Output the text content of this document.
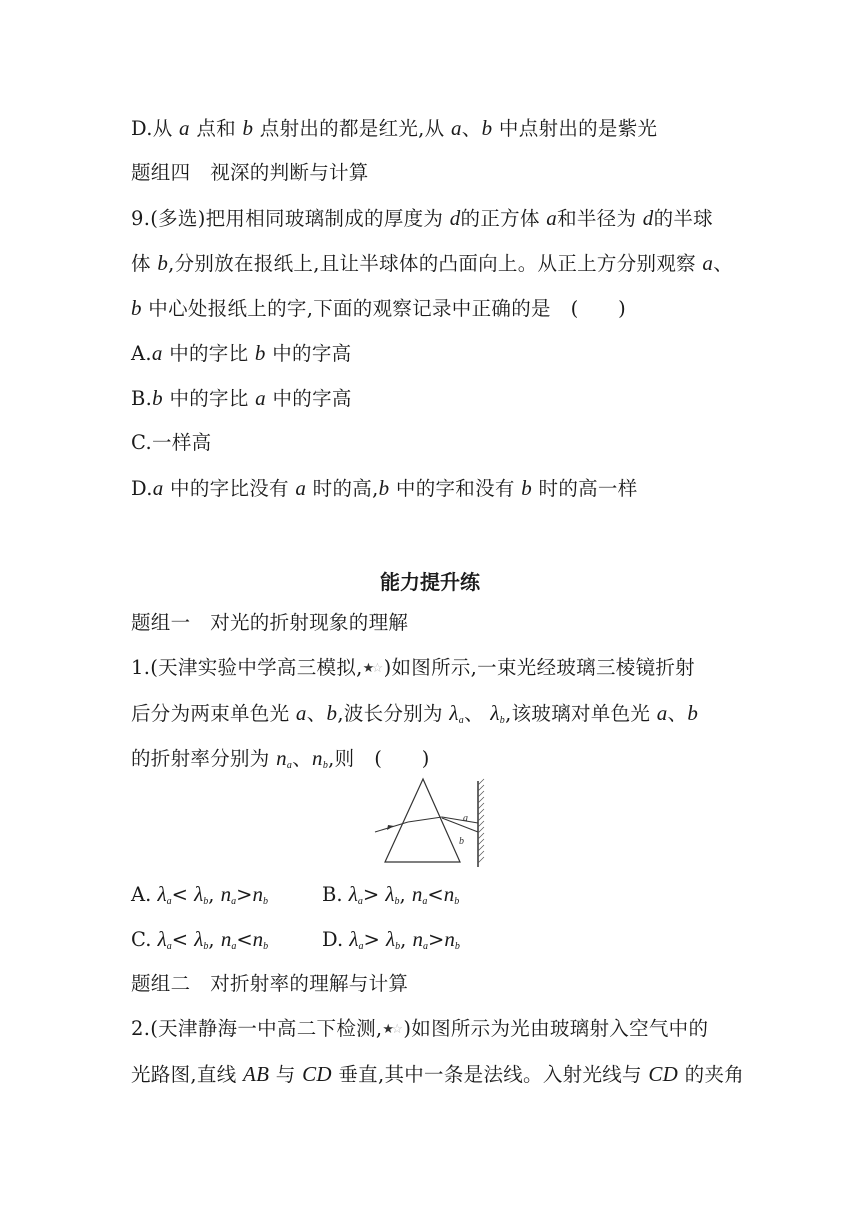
D.从 a 点和 b 点射出的都是红光,从 a、b 中点射出的是紫光
题组四　视深的判断与计算
9.(多选)把用相同玻璃制成的厚度为 d的正方体 a和半径为 d的半球
体 b,分别放在报纸上,且让半球体的凸面向上。从正上方分别观察 a、
b 中心处报纸上的字,下面的观察记录中正确的是　(　　)
A.a 中的字比 b 中的字高
B.b 中的字比 a 中的字高
C.一样高
D.a 中的字比没有 a 时的高,b 中的字和没有 b 时的高一样
能力提升练
题组一　对光的折射现象的理解
1.(天津实验中学高三模拟,★☆)如图所示,一束光经玻璃三棱镜折射
后分为两束单色光 a、b,波长分别为 $\lambda_a$、 $\lambda_b$,该玻璃对单色光 a、b
的折射率分别为 $n_a$、$n_b$,则　(　　)
a
b
A. $\lambda_a< \lambda_b$, $n_a>n_b$	B. $\lambda_a> \lambda_b$, $n_a<n_b$
C. $\lambda_a< \lambda_b$, $n_a<n_b$	D. $\lambda_a> \lambda_b$, $n_a>n_b$
题组二　对折射率的理解与计算
2.(天津静海一中高二下检测,★☆)如图所示为光由玻璃射入空气中的
光路图,直线 AB 与 CD 垂直,其中一条是法线。入射光线与 CD 的夹角
